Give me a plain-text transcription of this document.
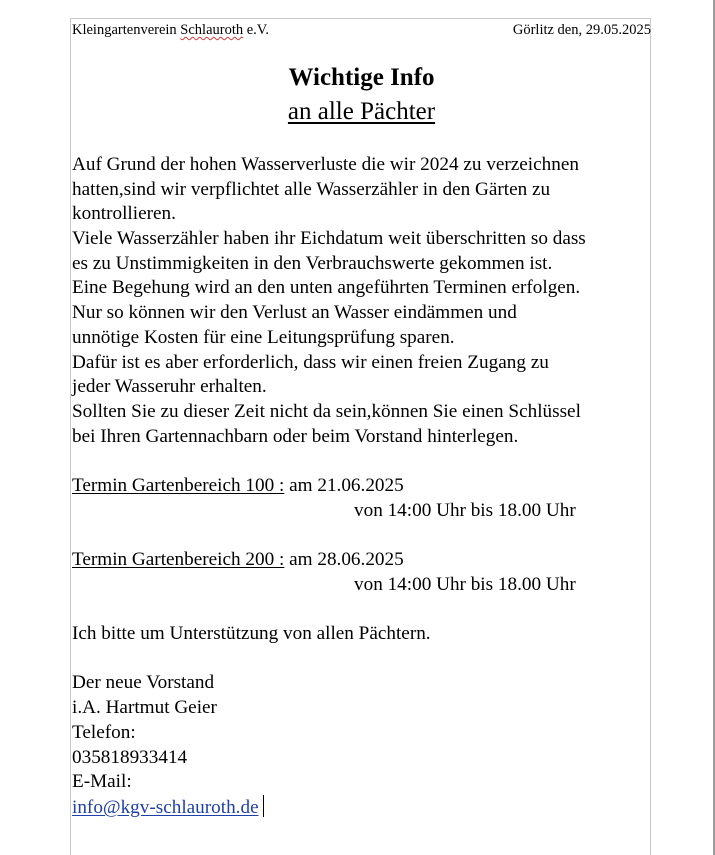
Kleingartenverein Schlauroth e.V.	Görlitz den, 29.05.2025
Wichtige Info
an alle Pächter
Auf Grund der hohen Wasserverluste die wir 2024 zu verzeichnen
hatten,sind wir verpflichtet alle Wasserzähler in den Gärten zu
kontrollieren.
Viele Wasserzähler haben ihr Eichdatum weit überschritten so dass
es zu Unstimmigkeiten in den Verbrauchswerte gekommen ist.
Eine Begehung wird an den unten angeführten Terminen erfolgen.
Nur so können wir den Verlust an Wasser eindämmen und
unnötige Kosten für eine Leitungsprüfung sparen.
Dafür ist es aber erforderlich, dass wir einen freien Zugang zu
jeder Wasseruhr erhalten.
Sollten Sie zu dieser Zeit nicht da sein,können Sie einen Schlüssel
bei Ihren Gartennachbarn oder beim Vorstand hinterlegen.
Termin Gartenbereich 100 : am 21.06.2025
von 14:00 Uhr bis 18.00 Uhr
Termin Gartenbereich 200 : am 28.06.2025
von 14:00 Uhr bis 18.00 Uhr
Ich bitte um Unterstützung von allen Pächtern.
Der neue Vorstand
i.A. Hartmut Geier
Telefon:
035818933414
E-Mail:
info@kgv-schlauroth.de
